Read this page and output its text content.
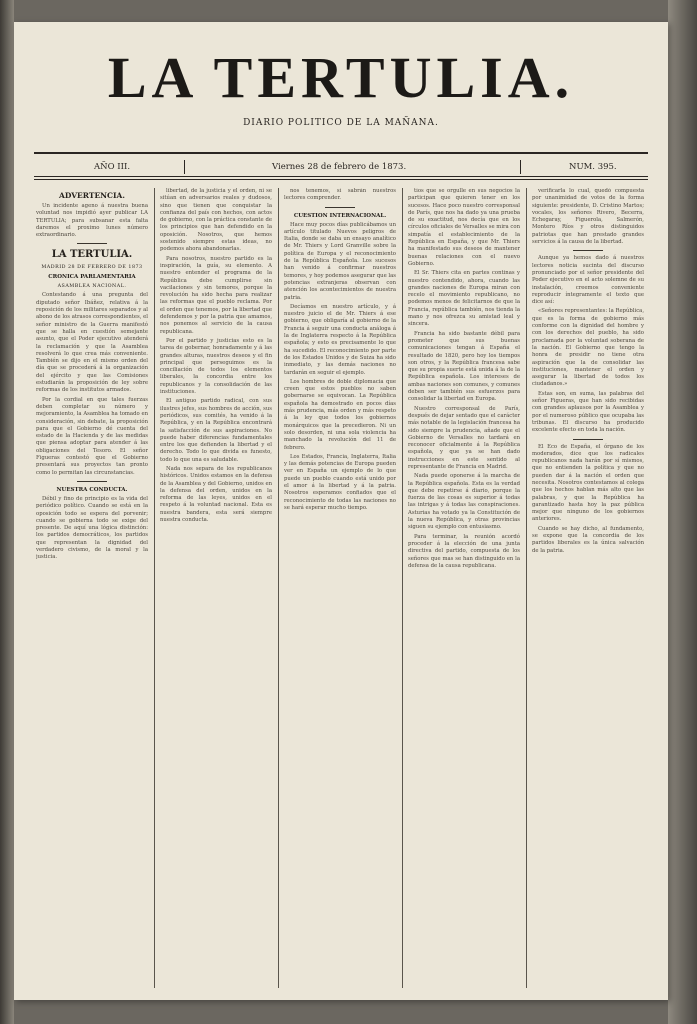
LA TERTULIA.
DIARIO POLITICO DE LA MAÑANA.
AÑO III.	Viernes 28 de febrero de 1873.	NUM. 395.
ADVERTENCIA.

Un incidente ageno á nuestra buena voluntad nos impidió ayer publicar LA TERTULIA; para subsanar esta falta daremos el proximo lunes número extraordinario.

LA TERTULIA.
MADRID 28 DE FEBRERO DE 1873
CRONICA PARLAMENTARIA
ASAMBLEA NACIONAL.

Contestando á una pregunta del diputado señor Ibáñez, relativa á la reposición de los militares separados y al abono de los atrasos correspondientes, el señor ministro de la Guerra manifestó que se halla en cuestión semejante asunto, que el Poder ejecutivo atenderá la reclamación y que la Asamblea resolverá lo que crea más conveniente. También se dijo en el mismo orden del día que se procederá á la organización del ejército y que las Comisiones estudiarán la proposición de ley sobre reformas de los institutos armados.

Por la cordial en que tales fuerzas deben completar su número y mejoramiento, la Asamblea ha tomado en consideración, sin debate, la proposición para que el Gobierno dé cuenta del estado de la Hacienda y de las medidas que piensa adoptar para atender á las obligaciones del Tesoro. El señor Figueras contestó que el Gobierno presentará sus proyectos tan pronto como lo permitan las circunstancias.

NUESTRA CONDUCTA.

Débil y fino de principio es la vida del periódico político. Cuando se está en la oposición todo se espera del porvenir; cuando se gobierna todo se exige del presente. De aquí una lógica distinción: los partidos democráticos, los partidos que representan la dignidad del verdadero civismo, de la moral y la justicia.

libertad, de la justicia y el orden, ni se sitúan en adversarios reales y dudosos, sino que tienen que conquistar la confianza del país con hechos, con actos de gobierno, con la práctica constante de los principios que han defendido en la oposición. Nosotros, que hemos sostenido siempre estas ideas, no podemos ahora abandonarlas.

Para nosotros, nuestro partido es la inspiración, la guía, su elemento. A nuestro entender el programa de la República debe cumplirse sin vacilaciones y sin temores, porque la revolución ha sido hecha para realizar las reformas que el pueblo reclama. Por el orden que tenemos, por la libertad que defendemos y por la patria que amamos, nos ponemos al servicio de la causa republicana.

Por el partido y justicias esto es la tarea de gobernar, honradamente y á las grandes alturas, nuestros deseos y el fin principal que perseguimos es la conciliación de todos los elementos liberales, la concordia entre los republicanos y la consolidación de las instituciones.

El antiguo partido radical, con sus ilustres jefes, sus hombres de acción, sus periódicos, sus comités, ha venido á la República, y en la República encontrará la satisfacción de sus aspiraciones. No puede haber diferencias fundamentales entre los que defienden la libertad y el derecho. Todo lo que divida es funesto, todo lo que una es saludable.

Nada nos separa de los republicanos históricos. Unidos estamos en la defensa de la Asamblea y del Gobierno, unidos en la defensa del orden, unidos en la reforma de las leyes, unidos en el respeto á la voluntad nacional. Esta es nuestra bandera, esta será siempre nuestra conducta.

nos tenemos, sí sabrán nuestros lectores comprender.

CUESTION INTERNACIONAL.

Hace muy pocos días publicábamos un artículo titulado Nuevos peligros de Italia, donde se daba un ensayo analítico de Mr. Thiers y Lord Granville sobre la política de Europa y el reconocimiento de la República Española. Los sucesos han venido á confirmar nuestros temores, y hoy podemos asegurar que las potencias extranjeras observan con atención los acontecimientos de nuestra patria.

Decíamos en nuestro artículo, y á nuestro juicio el de Mr. Thiers á ese gobierno, que obligaría al gobierno de la Francia á seguir una conducta análoga á la de Inglaterra respecto á la República española; y esto es precisamente lo que ha sucedido. El reconocimiento por parte de los Estados Unidos y de Suiza ha sido inmediato, y las demás naciones no tardarán en seguir el ejemplo.

Los hombres de doble diplomacia que creen que estos pueblos no saben gobernarse se equivocan. La República española ha demostrado en pocos días más prudencia, más orden y más respeto á la ley que todos los gobiernos monárquicos que la precedieron. Ni un solo desorden, ni una sola violencia ha manchado la revolución del 11 de febrero.

Los Estados, Francia, Inglaterra, Italia y las demás potencias de Europa pueden ver en España un ejemplo de lo que puede un pueblo cuando está unido por el amor á la libertad y á la patria. Nosotros esperamos confiados que el reconocimiento de todas las naciones no se hará esperar mucho tiempo.

tíos que se orgulle en sus negocios la participan que quieren tener en los sucesos. Hace poco nuestro corresponsal de París, que nos ha dado ya una prueba de su exactitud, nos decía que en los círculos oficiales de Versalles se mira con simpatía el establecimiento de la República en España, y que Mr. Thiers ha manifestado sus deseos de mantener buenas relaciones con el nuevo Gobierno.

El Sr. Thiers cita en partes continas y nuestro contendido, ahora, cuando las grandes naciones de Europa miran con recelo el movimiento republicano, no podemos menos de felicitarnos de que la Francia, república también, nos tienda la mano y nos ofrezca su amistad leal y sincera.

Francia ha sido bastante débil para prometer que sus buenas comunicaciones tengan á España el resultado de 1820, pero hoy los tiempos son otros, y la República francesa sabe que su propia suerte está unida á la de la República española. Los intereses de ambas naciones son comunes, y comunes deben ser también sus esfuerzos para consolidar la libertad en Europa.

Nuestro corresponsal de París, después de dejar sentado que el carácter más notable de la legislación francesa ha sido siempre la prudencia, añade que el Gobierno de Versalles no tardará en reconocer oficialmente á la República española, y que ya se han dado instrucciones en este sentido al representante de Francia en Madrid.

Nada puede oponerse á la marcha de la República española. Esta es la verdad que debe repetirse á diario, porque la fuerza de las cosas es superior á todas las intrigas y á todas las conspiraciones. Asturias ha votado ya la Constitución de la nueva República, y otras provincias siguen su ejemplo con entusiasmo.

Para terminar, la reunión acordó proceder á la elección de una junta directiva del partido, compuesta de los señores que mas se han distinguido en la defensa de la causa republicana.

verificarla lo cual, quedó compuesta por unanimidad de votos de la forma siguiente: presidente, D. Cristino Martos; vocales, los señores Rivero, Becerra, Echegaray, Figuerola, Salmerón, Montero Ríos y otros distinguidos patriotas que han prestado grandes servicios á la causa de la libertad.

Aunque ya hemos dado á nuestros lectores noticia sucinta del discurso pronunciado por el señor presidente del Poder ejecutivo en el acto solemne de su instalación, creemos conveniente reproducir íntegramente el texto que dice así:

«Señores representantes: la República, que es la forma de gobierno más conforme con la dignidad del hombre y con los derechos del pueblo, ha sido proclamada por la voluntad soberana de la nación. El Gobierno que tengo la honra de presidir no tiene otra aspiración que la de consolidar las instituciones, mantener el orden y asegurar la libertad de todos los ciudadanos.»

Estas son, en suma, las palabras del señor Figueras, que han sido recibidas con grandes aplausos por la Asamblea y por el numeroso público que ocupaba las tribunas. El discurso ha producido excelente efecto en toda la nación.

El Eco de España, el órgano de los moderados, dice que los radicales republicanos nada harán por sí mismos, que no entienden la política y que no pueden dar á la nación el orden que necesita. Nosotros contestamos al colega que los hechos hablan más alto que las palabras, y que la República ha garantizado hasta hoy la paz pública mejor que ninguno de los gobiernos anteriores.

Cuando se hay dicho, al fundamento, se expone que la concordia de los partidos liberales es la única salvación de la patria.
